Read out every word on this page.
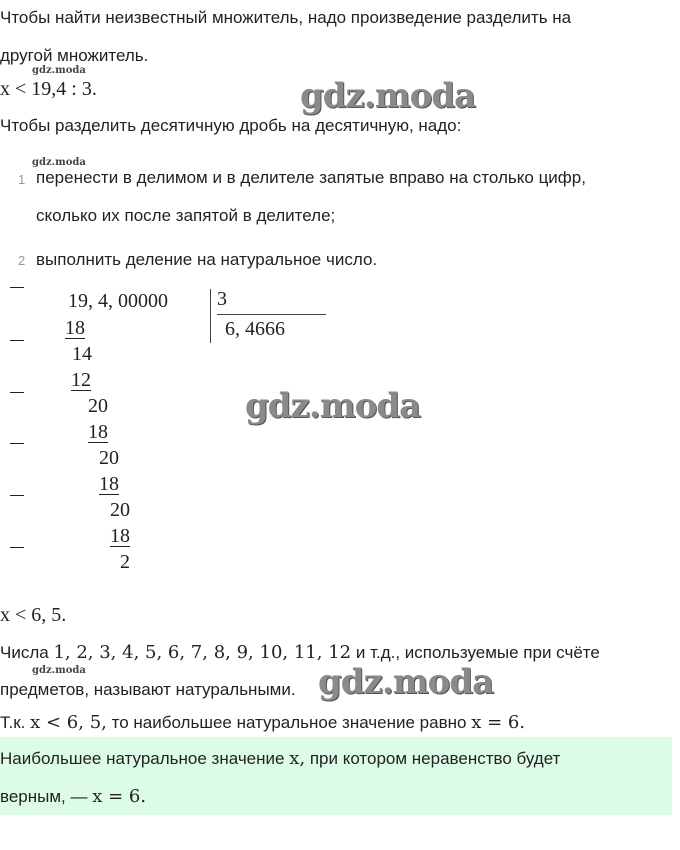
Чтобы найти неизвестный множитель, надо произведение разделить на
другой множитель.
x < 19,4 : 3.
Чтобы разделить десятичную дробь на десятичную, надо:
1 перенести в делимом и в делителе запятые вправо на столько цифр,
сколько их после запятой в делителе;
2 выполнить деление на натуральное число.
19, 4, 00000 3
6, 4666
18
14
12
20
18
20
18
20
18
2
x < 6, 5.
Числа 1, 2, 3, 4, 5, 6, 7, 8, 9, 10, 11, 12 и т.д., используемые при счёте
предметов, называют натуральными.
Т.к. x < 6, 5, то наибольшее натуральное значение равно x = 6.
Наибольшее натуральное значение x, при котором неравенство будет
верным, — x = 6.
gdz.moda
gdz.moda
gdz.moda
gdz.moda
gdz.moda
gdz.moda
